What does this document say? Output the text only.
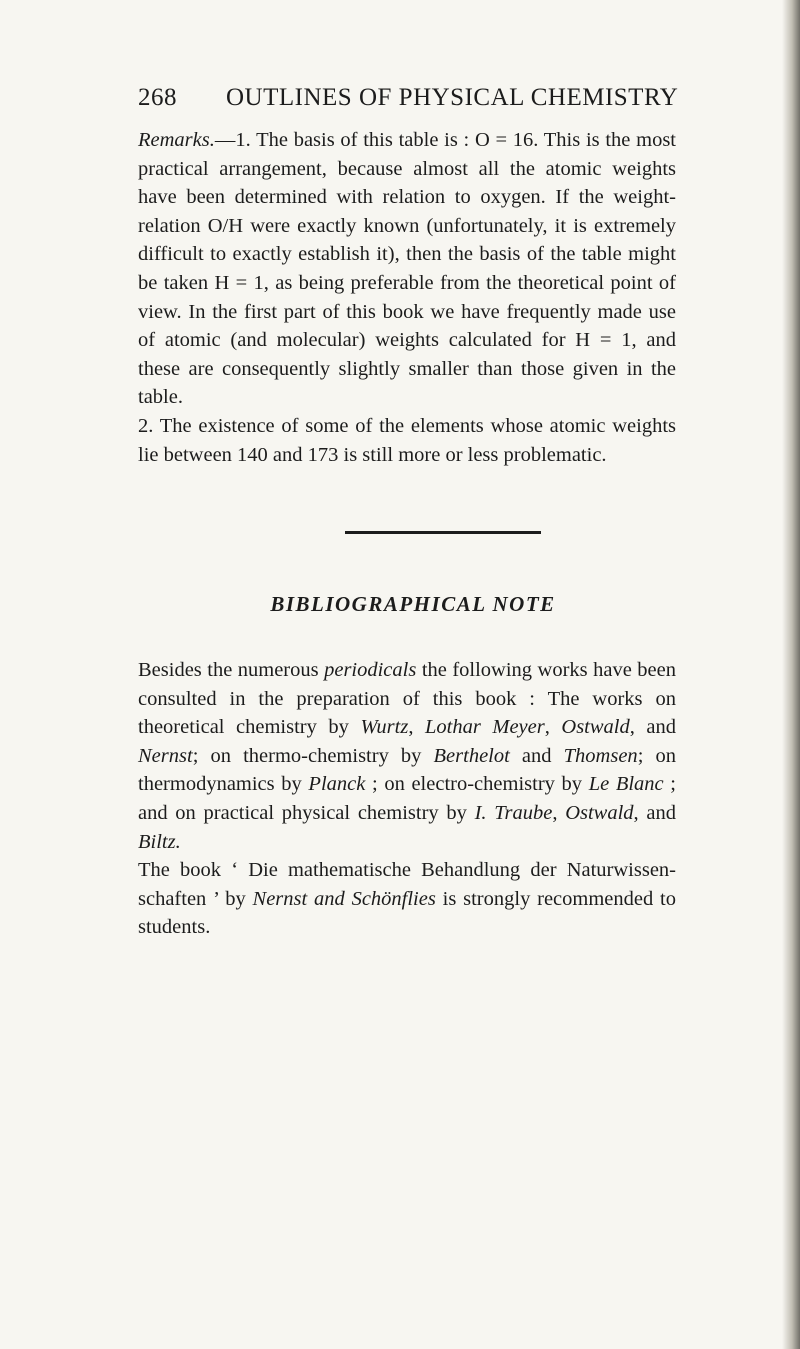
268 OUTLINES OF PHYSICAL CHEMISTRY

Remarks.—1. The basis of this table is : O = 16. This is the most practical arrangement, because almost all the atomic weights have been determined with relation to oxygen. If the weight-relation O/H were exactly known (unfortunately, it is extremely difficult to exactly establish it), then the basis of the table might be taken H = 1, as being preferable from the theoretical point of view. In the first part of this book we have frequently made use of atomic (and molecular) weights calculated for H = 1, and these are consequently slightly smaller than those given in the table.

2. The existence of some of the elements whose atomic weights lie between 140 and 173 is still more or less problematic.

BIBLIOGRAPHICAL NOTE

Besides the numerous periodicals the following works have been consulted in the preparation of this book : The works on theoretical chemistry by Wurtz, Lothar Meyer, Ostwald, and Nernst; on thermo-chemistry by Berthelot and Thomsen; on thermodynamics by Planck ; on electro-chemistry by Le Blanc ; and on practical physical chemistry by I. Traube, Ostwald, and Biltz.

The book ‘ Die mathematische Behandlung der Naturwissen-schaften ’ by Nernst and Schönflies is strongly recommended to students.
